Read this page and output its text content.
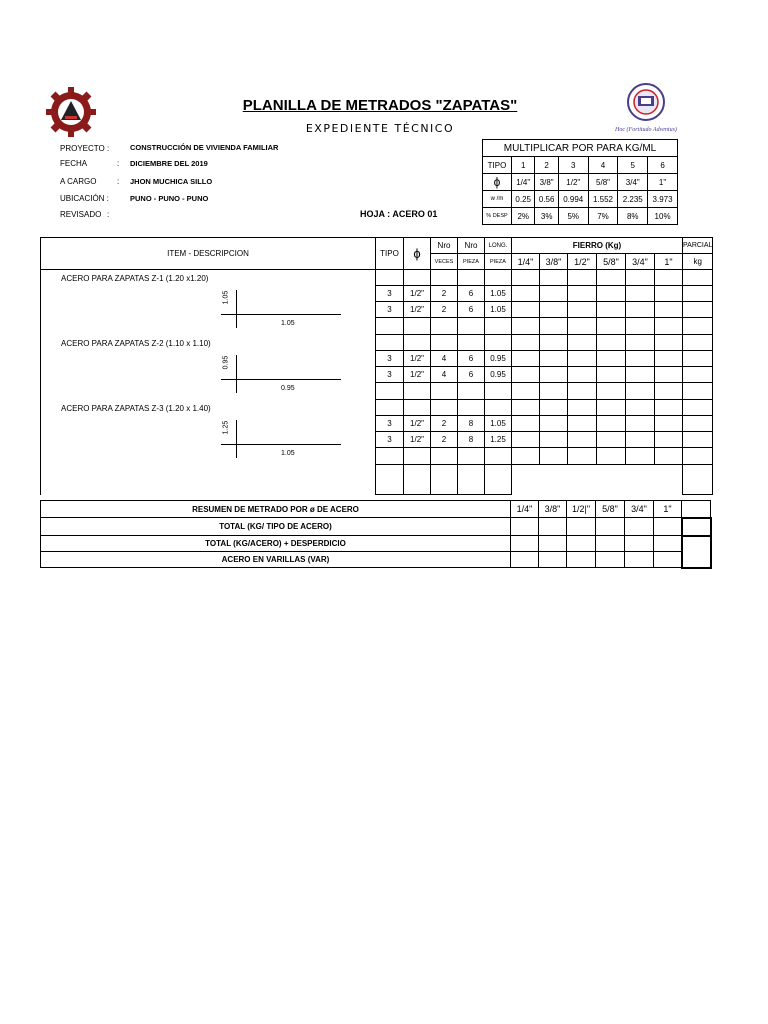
Hoc (Fortitudo Adventus)
PLANILLA DE METRADOS "ZAPATAS"
EXPEDIENTE TÉCNICO
PROYECTO :	CONSTRUCCIÓN DE VIVIENDA FAMILIAR
FECHA	: DICIEMBRE DEL 2019
A CARGO	: JHON MUCHICA SILLO
UBICACIÓN :	PUNO - PUNO - PUNO
REVISADO :	HOJA : ACERO 01
MULTIPLICAR POR PARA KG/ML						
TIPO	1	2	3	4	5	6
ϕ	1/4"	3/8"	1/2"	5/8"	3/4"	1"
w /m	0.25	0.56	0.994	1.552	2.235	3.973
% DESP	2%	3%	5%	7%	8%	10%
ITEM - DESCRIPCION	TIPO	ϕ	Nro	Nro	LONG.	FIERRO (Kg)						PARCIAL
			VECES	PIEZA	PIEZA	1/4"	3/8"	1/2"	5/8"	3/4"	1"	kg

ACERO PARA ZAPATAS Z-1 (1.20 x1.20)
1.05
1.05												

	3	1/2"	2	6	1.05							
	3	1/2"	2	6	1.05							

ACERO PARA ZAPATAS Z-2 (1.10 x 1.10)
0.95
0.95												

	3	1/2"	4	6	0.95							
	3	1/2"	4	6	0.95							

ACERO PARA ZAPATAS Z-3 (1.20 x 1.40)
1.25
1.05												

	3	1/2"	2	8	1.05							
	3	1/2"	2	8	1.25							

RESUMEN DE METRADO POR ø DE ACERO	1/4"	3/8"	1/2|"	5/8"	3/4"	1"	
TOTAL (KG/ TIPO DE ACERO)							
TOTAL (KG/ACERO) + DESPERDICIO							
ACERO EN VARILLAS (VAR)							
